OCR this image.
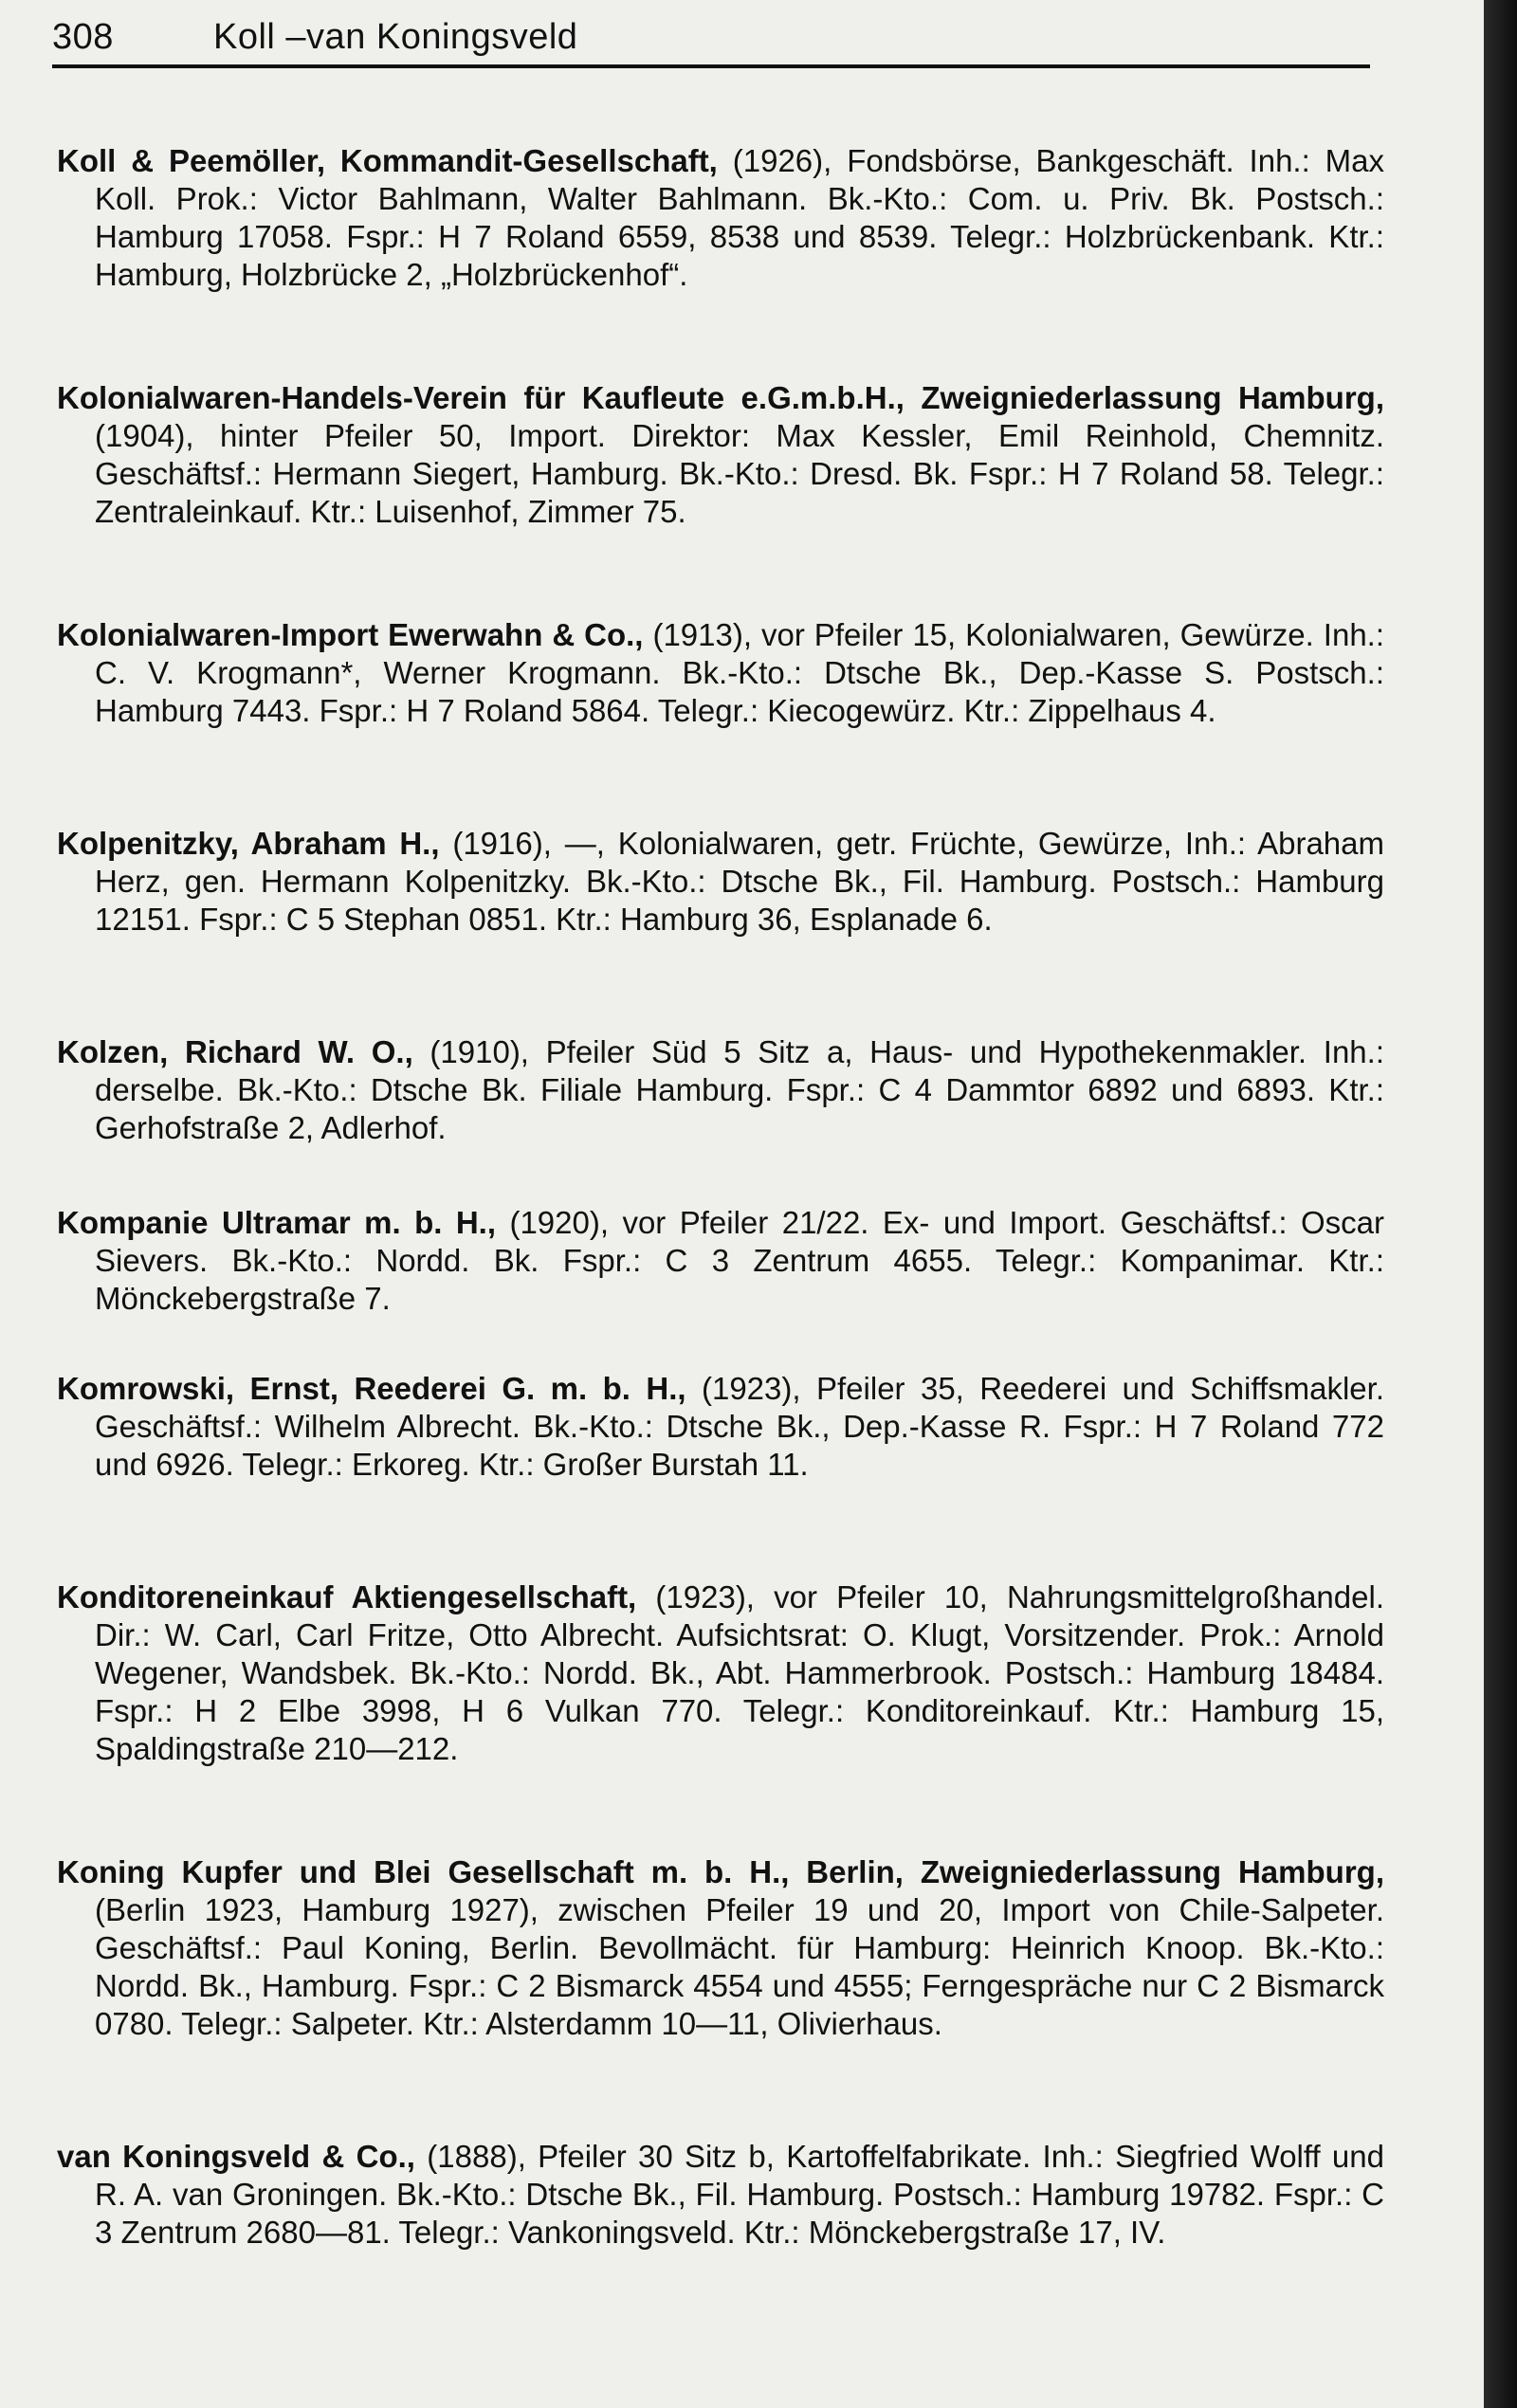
308	Koll –van Koningsveld
Koll & Peemöller, Kommandit-Gesellschaft, (1926), Fondsbörse, Bankgeschäft. Inh.: Max Koll. Prok.: Victor Bahlmann, Walter Bahlmann. Bk.-Kto.: Com. u. Priv. Bk. Postsch.: Hamburg 17058. Fspr.: H 7 Roland 6559, 8538 und 8539. Telegr.: Holzbrückenbank. Ktr.: Hamburg, Holzbrücke 2, „Holzbrückenhof“.
Kolonialwaren-Handels-Verein für Kaufleute e.G.m.b.H., Zweigniederlassung Hamburg, (1904), hinter Pfeiler 50, Import. Direktor: Max Kessler, Emil Reinhold, Chemnitz. Geschäftsf.: Hermann Siegert, Hamburg. Bk.-Kto.: Dresd. Bk. Fspr.: H 7 Roland 58. Telegr.: Zentraleinkauf. Ktr.: Luisenhof, Zimmer 75.
Kolonialwaren-Import Ewerwahn & Co., (1913), vor Pfeiler 15, Kolonialwaren, Gewürze. Inh.: C. V. Krogmann*, Werner Krogmann. Bk.-Kto.: Dtsche Bk., Dep.-Kasse S. Postsch.: Hamburg 7443. Fspr.: H 7 Roland 5864. Telegr.: Kiecogewürz. Ktr.: Zippelhaus 4.
Kolpenitzky, Abraham H., (1916), —, Kolonialwaren, getr. Früchte, Gewürze, Inh.: Abraham Herz, gen. Hermann Kolpenitzky. Bk.-Kto.: Dtsche Bk., Fil. Hamburg. Postsch.: Hamburg 12151. Fspr.: C 5 Stephan 0851. Ktr.: Hamburg 36, Esplanade 6.
Kolzen, Richard W. O., (1910), Pfeiler Süd 5 Sitz a, Haus- und Hypothekenmakler. Inh.: derselbe. Bk.-Kto.: Dtsche Bk. Filiale Hamburg. Fspr.: C 4 Dammtor 6892 und 6893. Ktr.: Gerhofstraße 2, Adlerhof.
Kompanie Ultramar m. b. H., (1920), vor Pfeiler 21/22. Ex- und Import. Geschäftsf.: Oscar Sievers. Bk.-Kto.: Nordd. Bk. Fspr.: C 3 Zentrum 4655. Telegr.: Kompanimar. Ktr.: Mönckebergstraße 7.
Komrowski, Ernst, Reederei G. m. b. H., (1923), Pfeiler 35, Reederei und Schiffsmakler. Geschäftsf.: Wilhelm Albrecht. Bk.-Kto.: Dtsche Bk., Dep.-Kasse R. Fspr.: H 7 Roland 772 und 6926. Telegr.: Erkoreg. Ktr.: Großer Burstah 11.
Konditoreneinkauf Aktiengesellschaft, (1923), vor Pfeiler 10, Nahrungsmittelgroßhandel. Dir.: W. Carl, Carl Fritze, Otto Albrecht. Aufsichtsrat: O. Klugt, Vorsitzender. Prok.: Arnold Wegener, Wandsbek. Bk.-Kto.: Nordd. Bk., Abt. Hammerbrook. Postsch.: Hamburg 18484. Fspr.: H 2 Elbe 3998, H 6 Vulkan 770. Telegr.: Konditoreinkauf. Ktr.: Hamburg 15, Spaldingstraße 210—212.
Koning Kupfer und Blei Gesellschaft m. b. H., Berlin, Zweigniederlassung Hamburg, (Berlin 1923, Hamburg 1927), zwischen Pfeiler 19 und 20, Import von Chile-Salpeter. Geschäftsf.: Paul Koning, Berlin. Bevollmächt. für Hamburg: Heinrich Knoop. Bk.-Kto.: Nordd. Bk., Hamburg. Fspr.: C 2 Bismarck 4554 und 4555; Ferngespräche nur C 2 Bismarck 0780. Telegr.: Salpeter. Ktr.: Alsterdamm 10—11, Olivierhaus.
van Koningsveld & Co., (1888), Pfeiler 30 Sitz b, Kartoffelfabrikate. Inh.: Siegfried Wolff und R. A. van Groningen. Bk.-Kto.: Dtsche Bk., Fil. Hamburg. Postsch.: Hamburg 19782. Fspr.: C 3 Zentrum 2680—81. Telegr.: Vankoningsveld. Ktr.: Mönckebergstraße 17, IV.
